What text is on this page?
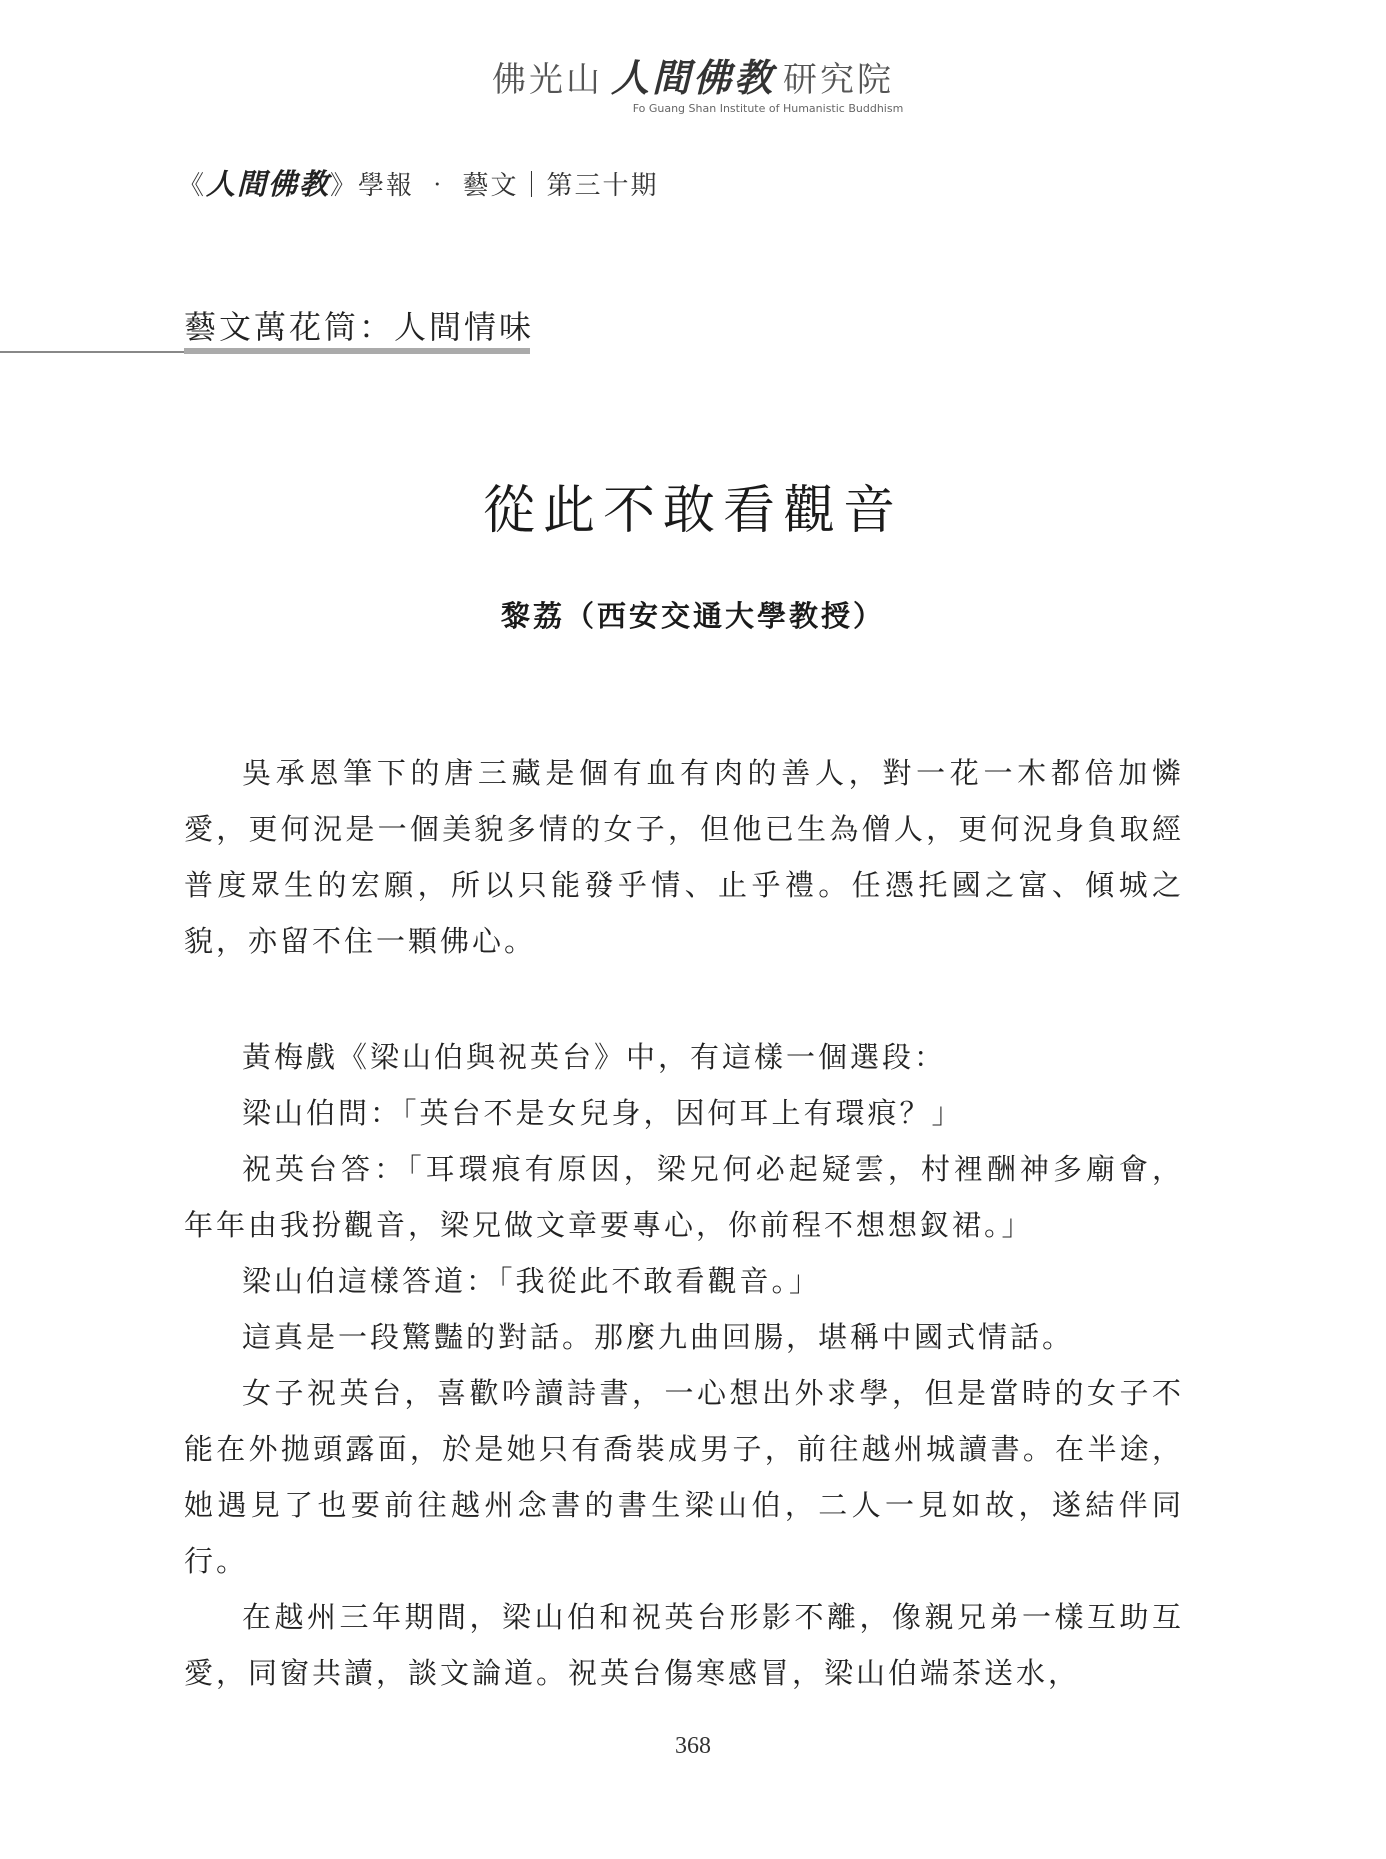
佛光山 人間佛教 研究院
Fo Guang Shan Institute of Humanistic Buddhism
《人間佛教》學報 ‧ 藝文｜第三十期
藝文萬花筒：人間情味
從此不敢看觀音
黎荔（西安交通大學教授）

吳承恩筆下的唐三藏是個有血有肉的善人，對一花一木都倍加憐愛，更何況是一個美貌多情的女子，但他已生為僧人，更何況身負取經普度眾生的宏願，所以只能發乎情、止乎禮。任憑托國之富、傾城之貌，亦留不住一顆佛心。

黃梅戲《梁山伯與祝英台》中，有這樣一個選段：

梁山伯問：「英台不是女兒身，因何耳上有環痕？」

祝英台答：「耳環痕有原因，梁兄何必起疑雲，村裡酬神多廟會，年年由我扮觀音，梁兄做文章要專心，你前程不想想釵裙。」

梁山伯這樣答道：「我從此不敢看觀音。」

這真是一段驚豔的對話。那麼九曲回腸，堪稱中國式情話。

女子祝英台，喜歡吟讀詩書，一心想出外求學，但是當時的女子不能在外拋頭露面，於是她只有喬裝成男子，前往越州城讀書。在半途，她遇見了也要前往越州念書的書生梁山伯，二人一見如故，遂結伴同行。

在越州三年期間，梁山伯和祝英台形影不離，像親兄弟一樣互助互愛，同窗共讀，談文論道。祝英台傷寒感冒，梁山伯端茶送水，

368
